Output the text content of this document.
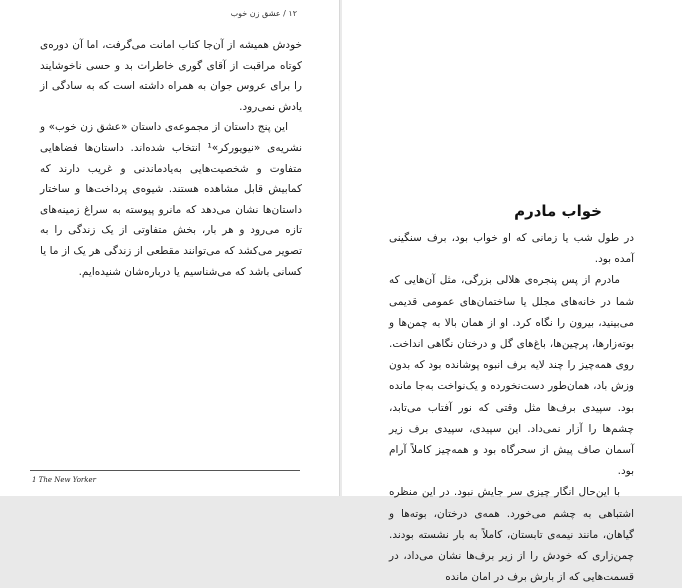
۱۲ / عشق زن خوب

خودش همیشه از آن‌جا کتاب امانت می‌گرفت، اما آن دوره‌ی کوتاه مراقبت از آقای گوری خاطرات بد و حسی ناخوشایند را برای عروس جوان به همراه داشته است که به سادگی از یادش نمی‌رود.

این پنج داستان از مجموعه‌ی داستان «عشق زن خوب» و نشریه‌ی «نیویورکر»¹ انتخاب شده‌اند. داستان‌ها فضاهایی متفاوت و شخصیت‌هایی به‌یادماندنی و غریب دارند که کمابیش قابل مشاهده هستند. شیوه‌ی پرداخت‌ها و ساختار داستان‌ها نشان می‌دهد که مانرو پیوسته به سراغ زمینه‌های تازه می‌رود و هر بار، بخش متفاوتی از یک زندگی را به تصویر می‌کشد که می‌توانند مقطعی از زندگی هر یک از ما یا کسانی باشد که می‌شناسیم یا درباره‌شان شنیده‌ایم.

1 The New Yorker
خواب مادرم

در طول شب یا زمانی که او خواب بود، برف سنگینی آمده بود.

مادرم از پس پنجره‌ی هلالی بزرگی، مثل آن‌هایی که شما در خانه‌های مجلل یا ساختمان‌های عمومی قدیمی می‌بینید، بیرون را نگاه کرد. او از همان بالا به چمن‌ها و بوته‌زارها، پرچین‌ها، باغ‌های گل و درختان نگاهی انداخت. روی همه‌چیز را چند لایه برف انبوه پوشانده بود که بدون وزش باد، همان‌طور دست‌نخورده و یک‌نواخت به‌جا مانده بود. سپیدی برف‌ها مثل وقتی که نور آفتاب می‌تابد، چشم‌ها را آزار نمی‌داد. این سپیدی، سپیدی برف زیر آسمان صاف پیش از سحرگاه بود و همه‌چیز کاملاً آرام بود.

با این‌حال انگار چیزی سر جایش نبود. در این منظره اشتباهی به چشم می‌خورد. همه‌ی درختان، بوته‌ها و گیاهان، مانند نیمه‌ی تابستان، کاملاً به بار نشسته بودند. چمن‌زاری که خودش را از زیر برف‌ها نشان می‌داد، در قسمت‌هایی که از بارش برف در امان مانده
